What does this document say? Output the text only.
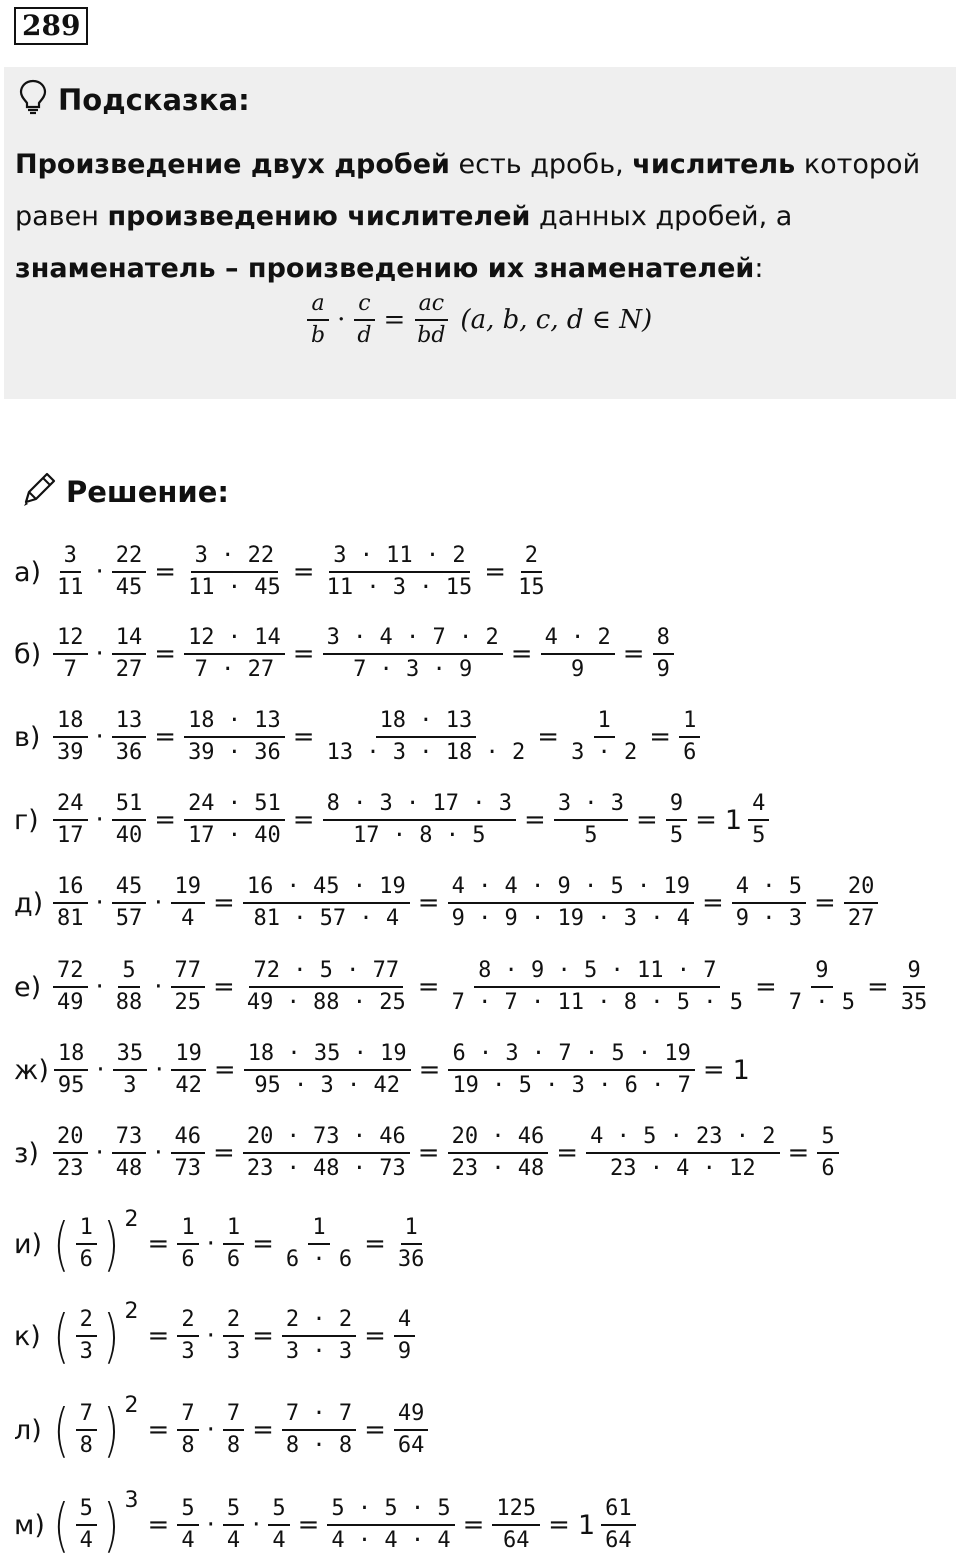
289
Подсказка:
Произведение двух дробей есть дробь, числитель которой равен произведению числителей данных дробей, а знаменатель – произведению их знаменателей:
$\frac{a}{b} \cdot \frac{c}{d} = \frac{ac}{bd} (a$, b, c, d ∈ N)
Решение:
$а) \frac{3}{11} \cdot \frac{22}{45} = \frac{3 \cdot 22}{11 \cdot 45} = \frac{3 \cdot 11 \cdot 2}{11 \cdot 3 \cdot 15} = \frac{2}{15}$
$б) \frac{12}{7} \cdot \frac{14}{27} = \frac{12 \cdot 14}{7 \cdot 27} = \frac{3 \cdot 4 \cdot 7 \cdot 2}{7 \cdot 3 \cdot 9} = \frac{4 \cdot 2}{9} = \frac{8}{9}$
$в) \frac{18}{39} \cdot \frac{13}{36} = \frac{18 \cdot 13}{39 \cdot 36} = \frac{18 \cdot 13}{13 \cdot 3 \cdot 18 \cdot 2} = \frac{1}{3 \cdot 2} = \frac{1}{6}$
$г) \frac{24}{17} \cdot \frac{51}{40} = \frac{24 \cdot 51}{17 \cdot 40} = \frac{8 \cdot 3 \cdot 17 \cdot 3}{17 \cdot 8 \cdot 5} = \frac{3 \cdot 3}{5} = \frac{9}{5} = 1 \frac{4}{5}$
$д) \frac{16}{81} \cdot \frac{45}{57} \cdot \frac{19}{4} = \frac{16 \cdot 45 \cdot 19}{81 \cdot 57 \cdot 4} = \frac{4 \cdot 4 \cdot 9 \cdot 5 \cdot 19}{9 \cdot 9 \cdot 19 \cdot 3 \cdot 4} = \frac{4 \cdot 5}{9 \cdot 3} = \frac{20}{27}$
$е) \frac{72}{49} \cdot \frac{5}{88} \cdot \frac{77}{25} = \frac{72 \cdot 5 \cdot 77}{49 \cdot 88 \cdot 25} = \frac{8 \cdot 9 \cdot 5 \cdot 11 \cdot 7}{7 \cdot 7 \cdot 11 \cdot 8 \cdot 5 \cdot 5} = \frac{9}{7 \cdot 5} = \frac{9}{35}$
$ж) \frac{18}{95} \cdot \frac{35}{3} \cdot \frac{19}{42} = \frac{18 \cdot 35 \cdot 19}{95 \cdot 3 \cdot 42} = \frac{6 \cdot 3 \cdot 7 \cdot 5 \cdot 19}{19 \cdot 5 \cdot 3 \cdot 6 \cdot 7} = 1$
$з) \frac{20}{23} \cdot \frac{73}{48} \cdot \frac{46}{73} = \frac{20 \cdot 73 \cdot 46}{23 \cdot 48 \cdot 73} = \frac{20 \cdot 46}{23 \cdot 48} = \frac{4 \cdot 5 \cdot 23 \cdot 2}{23 \cdot 4 \cdot 12} = \frac{5}{6}$
и) ( $\frac{1}{6}$ ) 2
= $\frac{1}{6} \cdot \frac{1}{6} = \frac{1}{6 \cdot 6} = \frac{1}{36}$
к) ( $\frac{2}{3}$ ) 2
= $\frac{2}{3} \cdot \frac{2}{3} = \frac{2 \cdot 2}{3 \cdot 3} = \frac{4}{9}$
л) ( $\frac{7}{8}$ ) 2
= $\frac{7}{8} \cdot \frac{7}{8} = \frac{7 \cdot 7}{8 \cdot 8} = \frac{49}{64}$
м) ( $\frac{5}{4}$ ) 3
= $\frac{5}{4} \cdot \frac{5}{4} \cdot \frac{5}{4} = \frac{5 \cdot 5 \cdot 5}{4 \cdot 4 \cdot 4} = \frac{125}{64} = 1 \frac{61}{64}$
